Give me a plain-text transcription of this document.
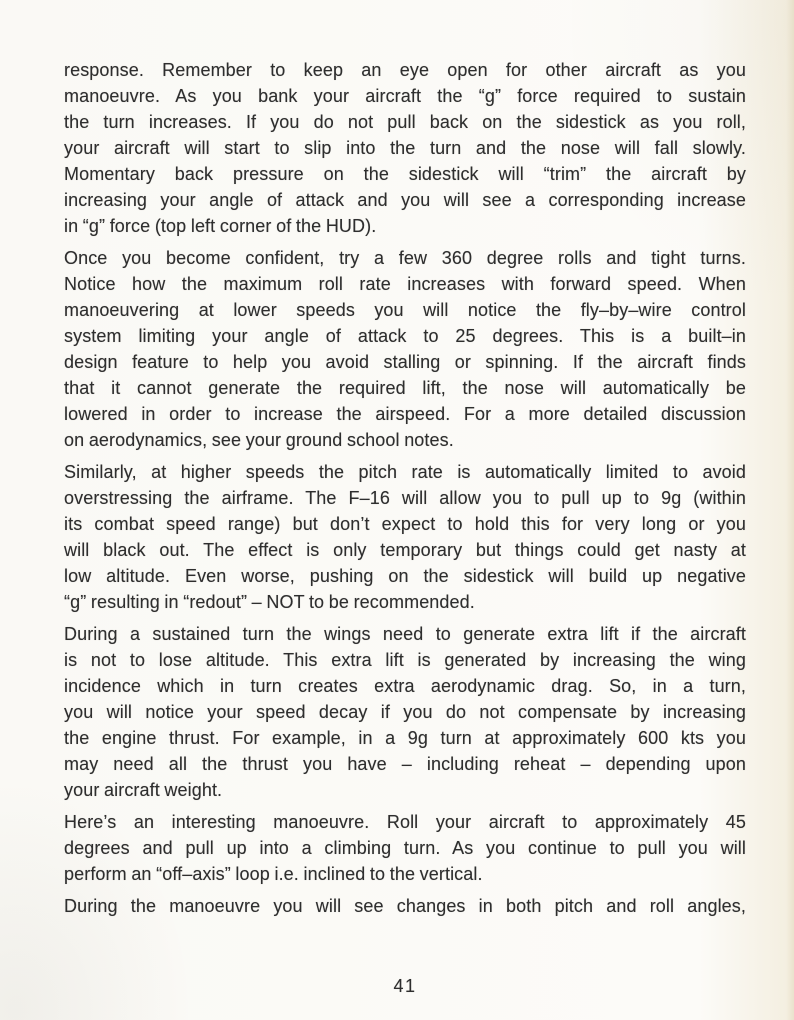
response. Remember to keep an eye open for other aircraft as you
manoeuvre. As you bank your aircraft the “g” force required to sustain
the turn increases. If you do not pull back on the sidestick as you roll,
your aircraft will start to slip into the turn and the nose will fall slowly.
Momentary back pressure on the sidestick will “trim” the aircraft by
increasing your angle of attack and you will see a corresponding increase
in “g” force (top left corner of the HUD).
Once you become confident, try a few 360 degree rolls and tight turns.
Notice how the maximum roll rate increases with forward speed. When
manoeuvering at lower speeds you will notice the fly–by–wire control
system limiting your angle of attack to 25 degrees. This is a built–in
design feature to help you avoid stalling or spinning. If the aircraft finds
that it cannot generate the required lift, the nose will automatically be
lowered in order to increase the airspeed. For a more detailed discussion
on aerodynamics, see your ground school notes.
Similarly, at higher speeds the pitch rate is automatically limited to avoid
overstressing the airframe. The F–16 will allow you to pull up to 9g (within
its combat speed range) but don’t expect to hold this for very long or you
will black out. The effect is only temporary but things could get nasty at
low altitude. Even worse, pushing on the sidestick will build up negative
“g” resulting in “redout” – NOT to be recommended.
During a sustained turn the wings need to generate extra lift if the aircraft
is not to lose altitude. This extra lift is generated by increasing the wing
incidence which in turn creates extra aerodynamic drag. So, in a turn,
you will notice your speed decay if you do not compensate by increasing
the engine thrust. For example, in a 9g turn at approximately 600 kts you
may need all the thrust you have – including reheat – depending upon
your aircraft weight.
Here’s an interesting manoeuvre. Roll your aircraft to approximately 45
degrees and pull up into a climbing turn. As you continue to pull you will
perform an “off–axis” loop i.e. inclined to the vertical.
During the manoeuvre you will see changes in both pitch and roll angles,
41
